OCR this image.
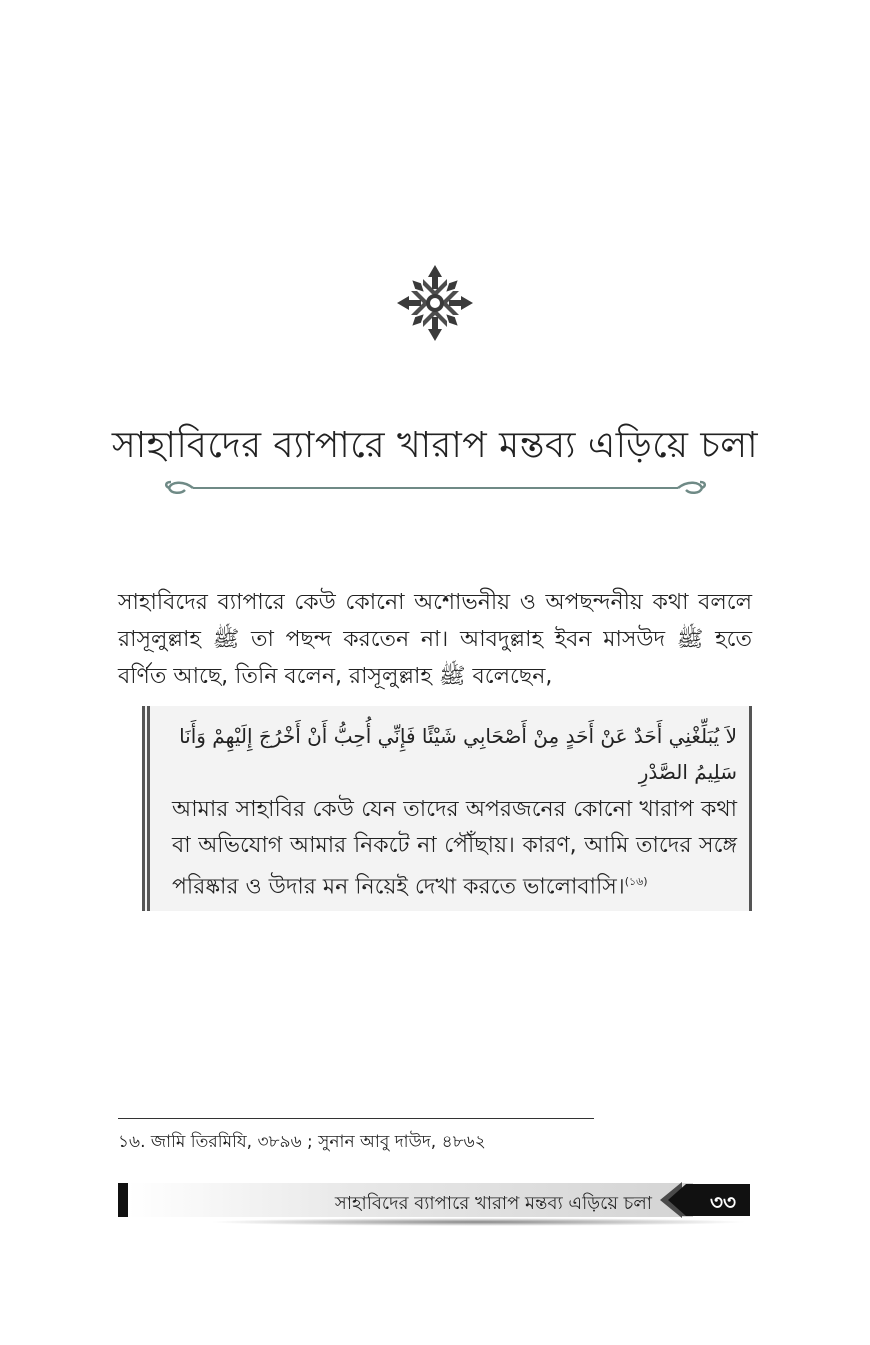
সাহাবিদের ব্যাপারে খারাপ মন্তব্য এড়িয়ে চলা

সাহাবিদের ব্যাপারে কেউ কোনো অশোভনীয় ও অপছন্দনীয় কথা বললে রাসূলুল্লাহ ﷺ তা পছন্দ করতেন না। আবদুল্লাহ ইবন মাসউদ ﷺ হতে বর্ণিত আছে, তিনি বলেন, রাসূলুল্লাহ ﷺ বলেছেন,

لاَ يُبَلِّغْنِي أَحَدٌ عَنْ أَحَدٍ مِنْ أَصْحَابِي شَيْئًا فَإِنِّي أُحِبُّ أَنْ أَخْرُجَ إِلَيْهِمْ وَأَنَا سَلِيمُ الصَّدْرِ
আমার সাহাবির কেউ যেন তাদের অপরজনের কোনো খারাপ কথা বা অভিযোগ আমার নিকটে না পৌঁছায়। কারণ, আমি তাদের সঙ্গে পরিষ্কার ও উদার মন নিয়েই দেখা করতে ভালোবাসি।$^{(১৬)}$
১৬. জামি তিরমিযি, ৩৮৯৬ ; সুনান আবু দাউদ, ৪৮৬২
সাহাবিদের ব্যাপারে খারাপ মন্তব্য এড়িয়ে চলা	৩৩
